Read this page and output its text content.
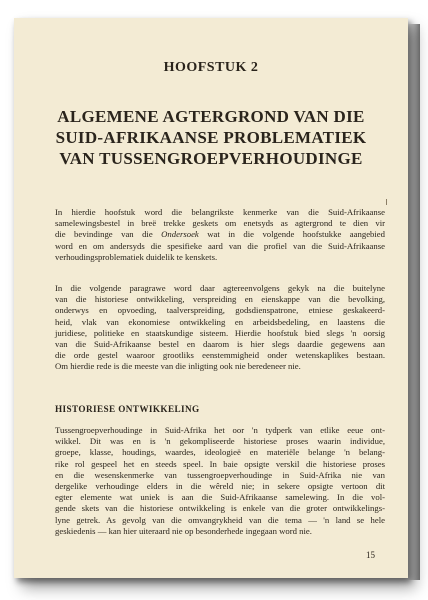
HOOFSTUK 2
ALGEMENE AGTERGROND VAN DIE
SUID-AFRIKAANSE PROBLEMATIEK
VAN TUSSENGROEPVERHOUDINGE
In hierdie hoofstuk word die belangrikste kenmerke van die Suid-Afrikaanse
samelewingsbestel in breë trekke geskets om enetsyds as agtergrond te dien vir
die bevindinge van die Ondersoek wat in die volgende hoofstukke aangebied
word en om andersyds die spesifieke aard van die profiel van die Suid-Afrikaanse
verhoudingsproblematiek duidelik te kenskets.
In die volgende paragrawe word daar agtereenvolgens gekyk na die buitelyne
van die historiese ontwikkeling, verspreiding en eienskappe van die bevolking,
onderwys en opvoeding, taalverspreiding, godsdienspatrone, etniese geskakeerd-
heid, vlak van ekonomiese ontwikkeling en arbeidsbedeling, en laastens die
juridiese, politieke en staatskundige sisteem. Hierdie hoofstuk bied slegs 'n oorsig
van die Suid-Afrikaanse bestel en daarom is hier slegs daardie gegewens aan
die orde gestel waaroor grootliks eenstemmigheid onder wetenskaplikes bestaan.
Om hierdie rede is die meeste van die inligting ook nie beredeneer nie.
HISTORIESE ONTWIKKELING
Tussengroepverhoudinge in Suid-Afrika het oor 'n tydperk van etlike eeue ont-
wikkel. Dit was en is 'n gekompliseerde historiese proses waarin individue,
groepe, klasse, houdings, waardes, ideologieë en materiële belange 'n belang-
rike rol gespeel het en steeds speel. In baie opsigte verskil die historiese proses
en die wesenskenmerke van tussengroepverhoudinge in Suid-Afrika nie van
dergelike verhoudinge elders in die wêreld nie; in sekere opsigte vertoon dit
egter elemente wat uniek is aan die Suid-Afrikaanse samelewing. In die vol-
gende skets van die historiese ontwikkeling is enkele van die groter ontwikkelings-
lyne getrek. As gevolg van die omvangrykheid van die tema — 'n land se hele
geskiedenis — kan hier uiteraard nie op besonderhede ingegaan word nie.
15
